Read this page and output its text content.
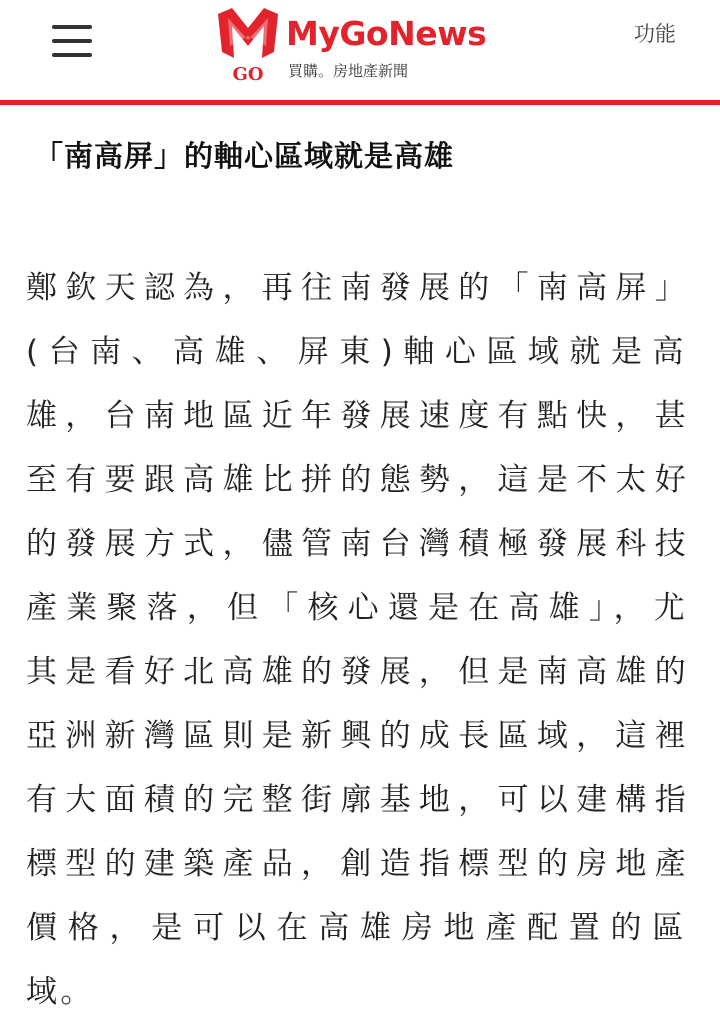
GO
MyGoNews
買購。房地產新聞
功能
「南高屏」的軸心區域就是高雄
鄭欽天認為，再往南發展的「南高屏」
(台南、高雄、屏東)軸心區域就是高
雄，台南地區近年發展速度有點快，甚
至有要跟高雄比拼的態勢，這是不太好
的發展方式，儘管南台灣積極發展科技
產業聚落，但「核心還是在高雄」，尤
其是看好北高雄的發展，但是南高雄的
亞洲新灣區則是新興的成長區域，這裡
有大面積的完整街廓基地，可以建構指
標型的建築產品，創造指標型的房地產
價格，是可以在高雄房地產配置的區
域。
